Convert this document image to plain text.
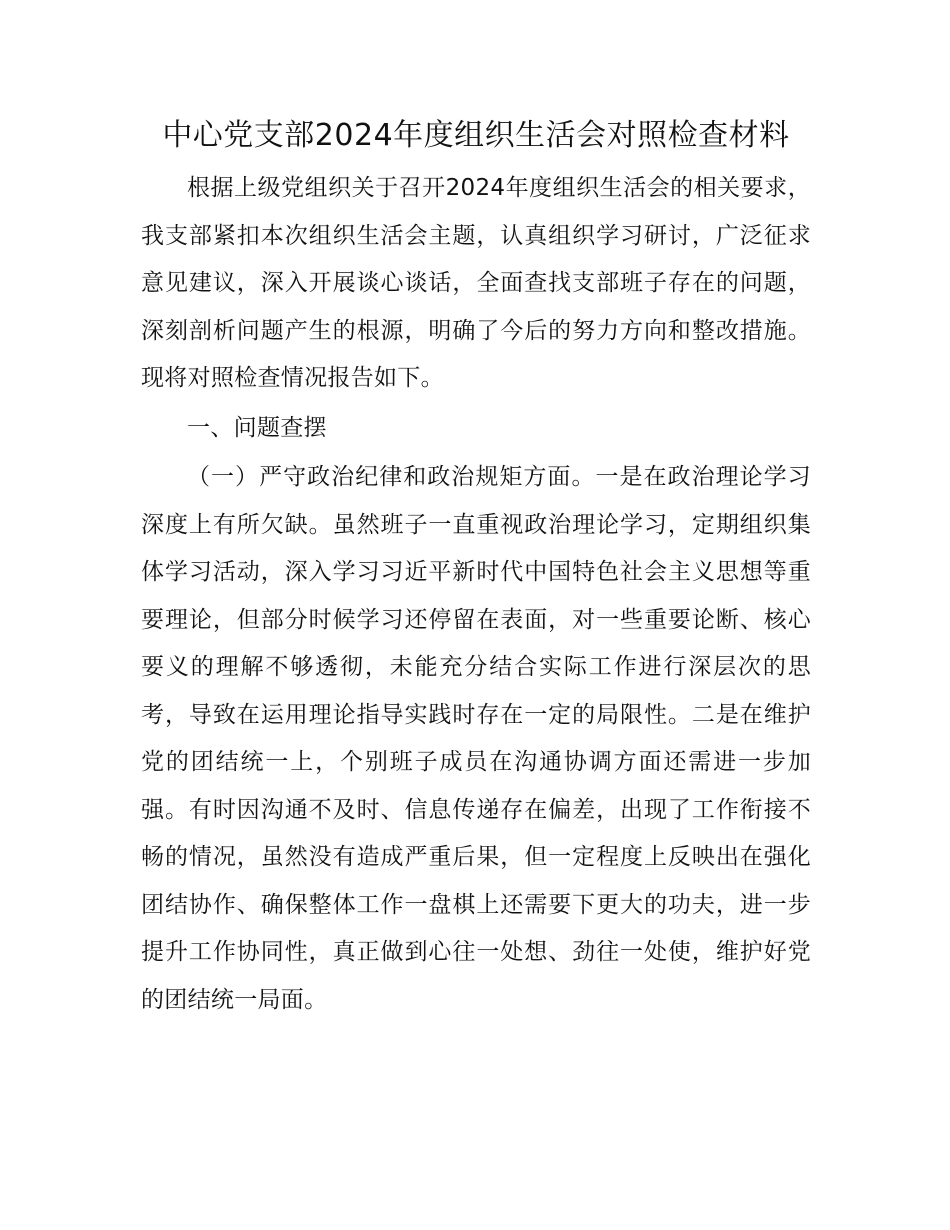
中心党支部2024年度组织生活会对照检查材料

根据上级党组织关于召开2024年度组织生活会的相关要求，我支部紧扣本次组织生活会主题，认真组织学习研讨，广泛征求意见建议，深入开展谈心谈话，全面查找支部班子存在的问题，深刻剖析问题产生的根源，明确了今后的努力方向和整改措施。现将对照检查情况报告如下。

一、问题查摆

（一）严守政治纪律和政治规矩方面。一是在政治理论学习深度上有所欠缺。虽然班子一直重视政治理论学习，定期组织集体学习活动，深入学习习近平新时代中国特色社会主义思想等重要理论，但部分时候学习还停留在表面，对一些重要论断、核心要义的理解不够透彻，未能充分结合实际工作进行深层次的思考，导致在运用理论指导实践时存在一定的局限性。二是在维护党的团结统一上，个别班子成员在沟通协调方面还需进一步加强。有时因沟通不及时、信息传递存在偏差，出现了工作衔接不畅的情况，虽然没有造成严重后果，但一定程度上反映出在强化团结协作、确保整体工作一盘棋上还需要下更大的功夫，进一步提升工作协同性，真正做到心往一处想、劲往一处使，维护好党的团结统一局面。
